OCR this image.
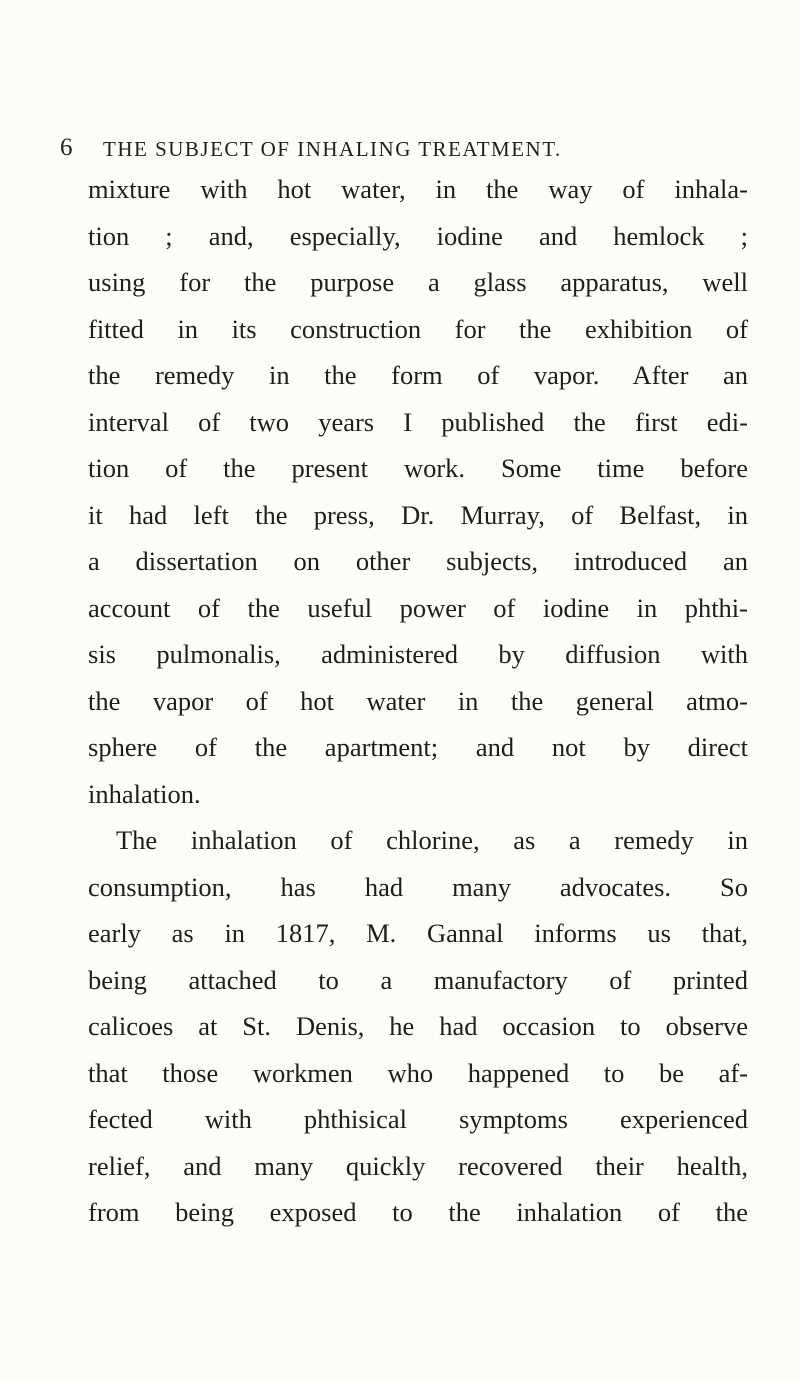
6 THE SUBJECT OF INHALING TREATMENT.
mixture with hot water, in the way of inhala-
tion ; and, especially, iodine and hemlock ;
using for the purpose a glass apparatus, well
fitted in its construction for the exhibition of
the remedy in the form of vapor. After an
interval of two years I published the first edi-
tion of the present work. Some time before
it had left the press, Dr. Murray, of Belfast, in
a dissertation on other subjects, introduced an
account of the useful power of iodine in phthi-
sis pulmonalis, administered by diffusion with
the vapor of hot water in the general atmo-
sphere of the apartment; and not by direct
inhalation.
The inhalation of chlorine, as a remedy in
consumption, has had many advocates. So
early as in 1817, M. Gannal informs us that,
being attached to a manufactory of printed
calicoes at St. Denis, he had occasion to observe
that those workmen who happened to be af-
fected with phthisical symptoms experienced
relief, and many quickly recovered their health,
from being exposed to the inhalation of the
